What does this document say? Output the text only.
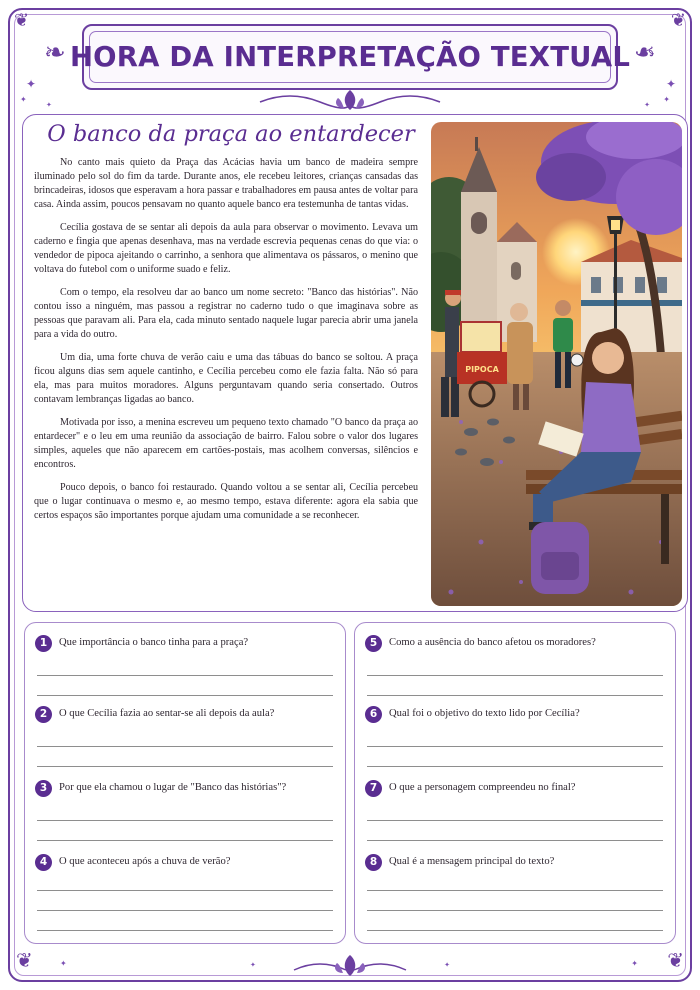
❦	❦
✦
✦
✦
✦
✦	✦
❧	❧
HORA DA INTERPRETAÇÃO TEXTUAL
O banco da praça ao entardecer

No canto mais quieto da Praça das Acácias havia um banco de madeira sempre iluminado pelo sol do fim da tarde. Durante anos, ele recebeu leitores, crianças cansadas das brincadeiras, idosos que esperavam a hora passar e trabalhadores em pausa antes de voltar para casa. Ainda assim, poucos pensavam no quanto aquele banco era testemunha de tantas vidas.

Cecília gostava de se sentar ali depois da aula para observar o movimento. Levava um caderno e fingia que apenas desenhava, mas na verdade escrevia pequenas cenas do que via: o vendedor de pipoca ajeitando o carrinho, a senhora que alimentava os pássaros, o menino que voltava do futebol com o uniforme suado e feliz.

Com o tempo, ela resolveu dar ao banco um nome secreto: "Banco das histórias". Não contou isso a ninguém, mas passou a registrar no caderno tudo o que imaginava sobre as pessoas que paravam ali. Para ela, cada minuto sentado naquele lugar parecia abrir uma janela para a vida do outro.

Um dia, uma forte chuva de verão caiu e uma das tábuas do banco se soltou. A praça ficou alguns dias sem aquele cantinho, e Cecília percebeu como ele fazia falta. Não só para ela, mas para muitos moradores. Alguns perguntavam quando seria consertado. Outros contavam lembranças ligadas ao banco.

Motivada por isso, a menina escreveu um pequeno texto chamado "O banco da praça ao entardecer" e o leu em uma reunião da associação de bairro. Falou sobre o valor dos lugares simples, aqueles que não aparecem em cartões-postais, mas acolhem conversas, silêncios e encontros.

Pouco depois, o banco foi restaurado. Quando voltou a se sentar ali, Cecília percebeu que o lugar continuava o mesmo e, ao mesmo tempo, estava diferente: agora ela sabia que certos espaços são importantes porque ajudam uma comunidade a se reconhecer.

PIPOCA
1	Que importância o banco tinha para a praça?
2	O que Cecília fazia ao sentar-se ali depois da aula?
3	Por que ela chamou o lugar de "Banco das histórias"?
4	O que aconteceu após a chuva de verão?
5	Como a ausência do banco afetou os moradores?
6	Qual foi o objetivo do texto lido por Cecília?
7	O que a personagem compreendeu no final?
8	Qual é a mensagem principal do texto?
❦	❦
✦	✦
✦	✦
